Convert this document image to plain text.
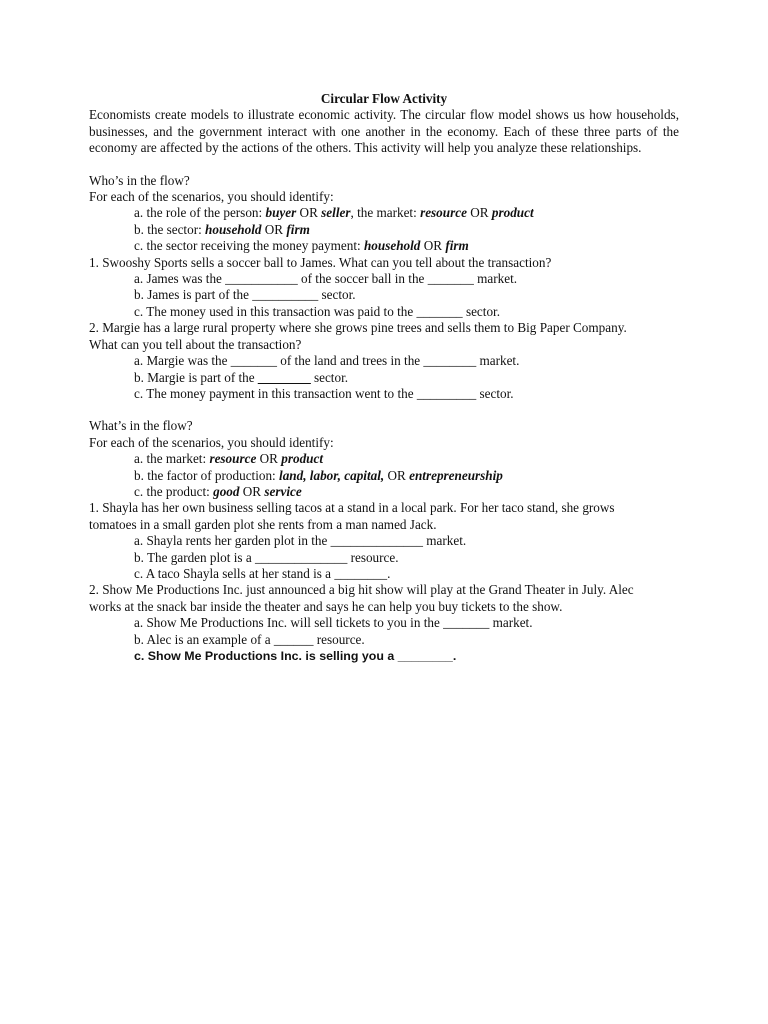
Circular Flow Activity
Economists create models to illustrate economic activity. The circular flow model shows us how households, businesses, and the government interact with one another in the economy. Each of these three parts of the economy are affected by the actions of the others. This activity will help you analyze these relationships.
Who’s in the flow?
For each of the scenarios, you should identify:
a. the role of the person: buyer OR seller, the market: resource OR product
b. the sector: household OR firm
c. the sector receiving the money payment: household OR firm
1. Swooshy Sports sells a soccer ball to James. What can you tell about the transaction?
a. James was the ___________ of the soccer ball in the _______ market.
b. James is part of the __________ sector.
c. The money used in this transaction was paid to the _______ sector.
2. Margie has a large rural property where she grows pine trees and sells them to Big Paper Company.
What can you tell about the transaction?
a. Margie was the _______ of the land and trees in the ________ market.
b. Margie is part of the ________ sector.
c. The money payment in this transaction went to the _________ sector.
What’s in the flow?
For each of the scenarios, you should identify:
a. the market: resource OR product
b. the factor of production: land, labor, capital, OR entrepreneurship
c. the product: good OR service
1. Shayla has her own business selling tacos at a stand in a local park. For her taco stand, she grows
tomatoes in a small garden plot she rents from a man named Jack.
a. Shayla rents her garden plot in the ______________ market.
b. The garden plot is a ______________ resource.
c. A taco Shayla sells at her stand is a ________.
2. Show Me Productions Inc. just announced a big hit show will play at the Grand Theater in July. Alec
works at the snack bar inside the theater and says he can help you buy tickets to the show.
a. Show Me Productions Inc. will sell tickets to you in the _______ market.
b. Alec is an example of a ______ resource.
c. Show Me Productions Inc. is selling you a ________.
